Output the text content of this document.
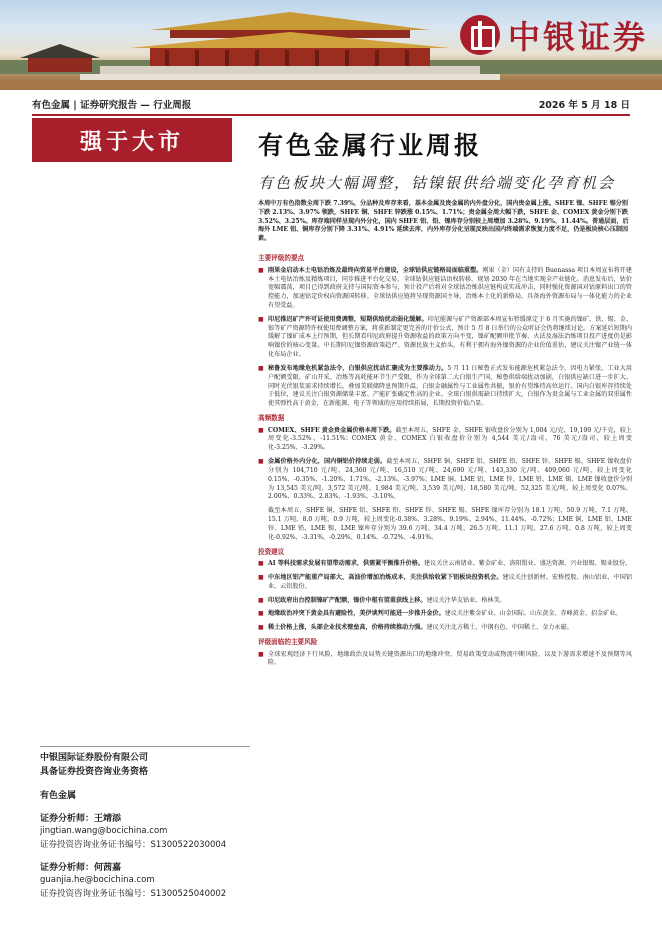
中银证券
有色金属 | 证券研究报告 — 行业周报	2026 年 5 月 18 日
强于大市	有色金属行业周报
有色板块大幅调整，钴镍银供给端变化孕育机会

本周中万有色指数全周下跌 7.39%，分品种及库存来看，基本金属及贵金属的内外盘分化，国内贵金属上涨。SHFE 镍、SHFE 锡分别下跌 2.13%、3.97% 领跌，SHFE 铜、SHFE 锌跌涨 0.15%、1.71%；贵金属全周大幅下跌，SHFE 金、COMEX 黄金分别下跌 3.52%、3.25%。库存端同样呈现内外分化，国内 SHFE 铝、铅、镍库存分别较上周增加 3.28%、9.19%、11.44%。普通层面，后海外 LME 铝、铜库存分别下降 3.31%、4.91% 延续去库，内外库存分化呈现反映出国内终端需求恢复力度不足，仍是板块核心压制因素。

主要评级的要点
■ 刚果金启动本土电钴冶炼及最终向贸易平台建设，全球钴供应链格局面临重塑。刚果（金）国有支持的 Buenassa 项目本周宣布将开建本土电钴冶炼及精炼项目，同步推进平台化交易、全球钴供应链话语权转移，规划 2030 年在当地实现全产业链化。消息发布后，钴价宽幅震荡，项目已得到政府支持与国际资本参与，预计投产后将对全球钴冶炼供应链构成实质冲击，同时强化资源国对钴原料出口的管控能力，加速钴定价权向资源国转移。全球钴供应链将呈现资源国主导、冶炼本土化的新格局，具备海外资源布局与一体化能力的企业有望受益。
■ 印尼推迟矿产许可证使用费调整，短期供给扰动弱化缓解。印尼能源与矿产资源部本周宣布暂缓原定于 6 月实施的镍矿、铁、锡、金、银等矿产资源特许权使用费调整方案，将重新制定更完善的计价公式，预计 5 月 8 日举行的公众听证会仍将继续讨论。方案延后短期内缓解了镍矿成本上行预期，但长期看印尼政府提升资源收益的政策方向不变，镍矿配额审批节奏、火法及湿法冶炼项目投产进度仍是影响镍价的核心变量。中长期印尼镍资源政策趋严、资源民族主义抬头，有利于拥有海外镍资源的企业价值重估，建议关注镍产业链一体化布局企业。
■ 秘鲁发布地缘危机紧急法令，白银供应扰动汇聚成为主要推动力。5 月 11 日秘鲁正式发布能源危机紧急法令，因电力紧张，工业大用户配额受限，矿山开采、冶炼等高耗能环节生产受限，作为全球第二大白银生产国，秘鲁供给端扰动加剧，白银供应缺口进一步扩大。同时光伏银浆需求持续增长，叠加美联储降息预期升温，白银金融属性与工业属性共振，银价有望维持高位运行。国内白银库存持续处于低位，建议关注白银资源储量丰富、产能扩张确定性高的企业。全球白银供需缺口持续扩大，白银作为贵金属与工业金属的双重属性使其弹性高于黄金，在新能源、电子等领域的应用持续拓展，长期投资价值凸显。
高频数据
■ COMEX、SHFE 黄金贵金属价格本周下跌。截至本周五，SHFE 金、SHFE 银收盘价分别为 1,004 元/克、19,199 元/千克，较上周变化-3.52%、-11.51%；COMEX 黄金、COMEX 白银收盘价分别为 4,544 美元/盎司、76 美元/盎司，较上周变化-3.25%、-3.29%。
■ 金属价格外内分化，国内铜铝价持续走弱。截至本周五，SHFE 铜、SHFE 铝、SHFE 铅、SHFE 锌、SHFE 锡、SHFE 镍收盘价分别为 104,710 元/吨、24,360 元/吨、16,510 元/吨、24,690 元/吨、143,330 元/吨、409,060 元/吨，较上周变化 0.15%、-0.35%、-1.20%、1.71%、-2.13%、-3.97%；LME 铜、LME 铝、LME 锌、LME 铅、LME 锡、LME 镍收盘价分别为 13,545 美元/吨、3,572 美元/吨、1,984 美元/吨、3,539 美元/吨、18,580 美元/吨、52,325 美元/吨，较上周变化 0.07%、2.00%、0.33%、2.83%、-1.93%、-3.10%。

截至本周五，SHFE 铜、SHFE 铝、SHFE 铅、SHFE 锌、SHFE 锡、SHFE 镍库存分别为 18.1 万吨、50.9 万吨、7.1 万吨、15.1 万吨、8.0 万吨、0.9 万吨，较上周变化-0.38%、3.28%、9.19%、2.94%、11.44%、-0.72%；LME 铜、LME 铝、LME 锌、LME 铅、LME 锡、LME 镍库存分别为 39.6 万吨、34.4 万吨、26.5 万吨、11.1 万吨、27.6 万吨、0.8 万吨，较上周变化-0.92%、-3.31%、-0.29%、0.14%、-0.72%、-4.91%。

投资建议
■ AI 等科技需求发展有望带动需求，供需紧平衡推升价格。建议关注云南锗业、紫金矿业、洛阳钼业、盛达资源、兴业银锡、锡业股份。
■ 中东地区铝产能重产局部大，高油价增加冶炼成本，关注供给收紧下铝板块投资机会。建议关注创新材、宏桥控股、南山铝业、中国铝业、云铝股份。
■ 印尼政府出台控制镍矿产配额，镍价中枢有望重获线上移。建议关注华友钴业、格林美。
■ 地缘政治冲突下黄金具有避险性，美伊谈判可能进一步推升金价。建议关注紫金矿业、山金国际、山东黄金、赤峰黄金、招金矿业。
■ 稀土价格上涨，头部企业技术壁垒高，价格持续推动力强。建议关注北方稀土、中钢有色、中国稀土、金力永磁。
评级面临的主要风险
■ 全球宏观经济下行风险，地缘政治及局势关键资源出口的地缘冲突、贸易政策变动或物流中断风险，以及下游需求增速不及预期等风险。
中银国际证券股份有限公司
具备证券投资咨询业务资格
有色金属
证券分析师：王靖添
jingtian.wang@bocichina.com
证券投资咨询业务证书编号：S1300522030004
证券分析师：何茜嘉
guanjia.he@bocichina.com
证券投资咨询业务证书编号：S1300525040002
